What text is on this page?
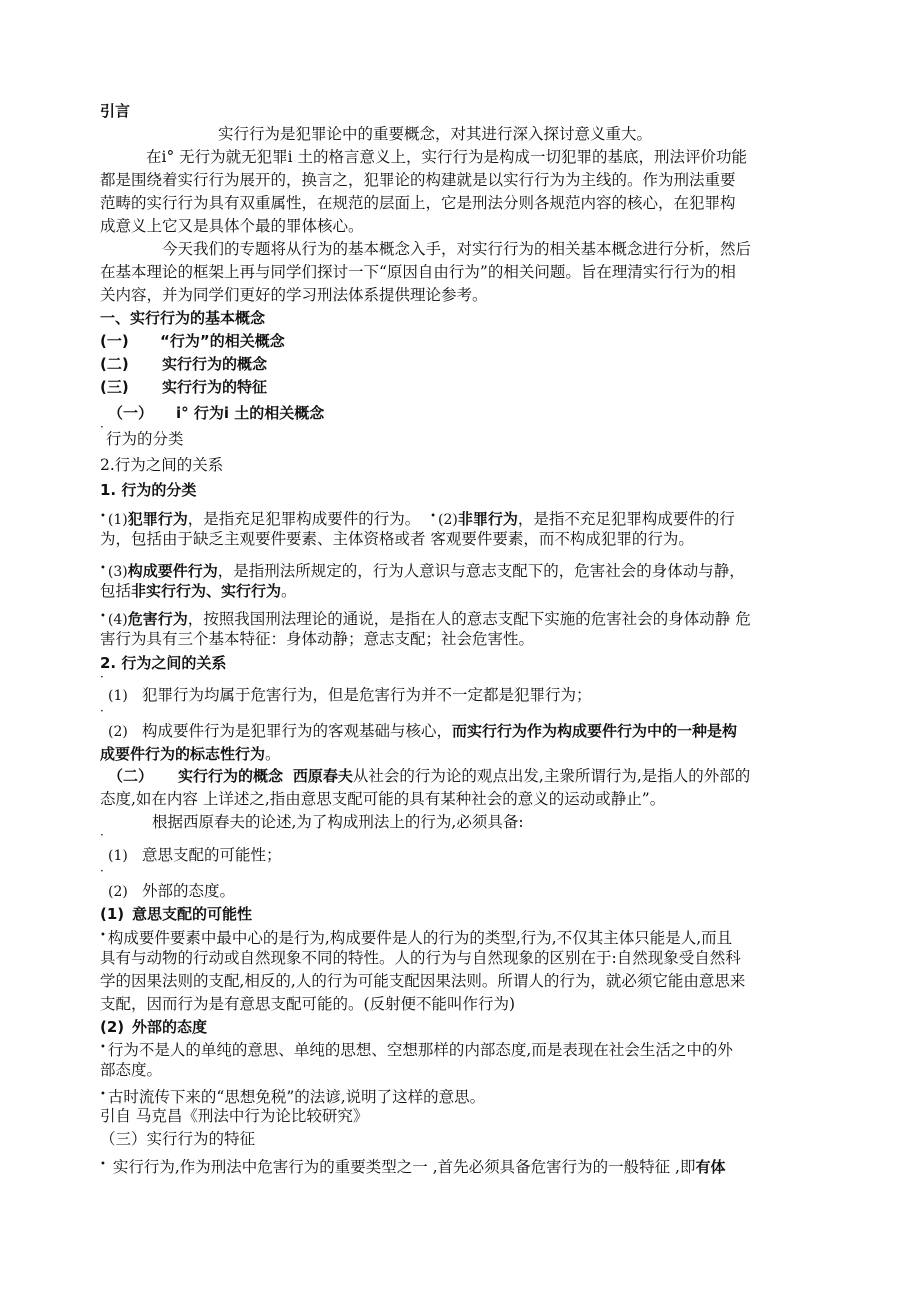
引言
实行行为是犯罪论中的重要概念，对其进行深入探讨意义重大。
在i° 无行为就无犯罪i 土的格言意义上，实行行为是构成一切犯罪的基底，刑法评价功能
都是围绕着实行行为展开的，换言之，犯罪论的构建就是以实行行为为主线的。作为刑法重要
范畴的实行行为具有双重属性，在规范的层面上，它是刑法分则各规范内容的核心，在犯罪构
成意义上它又是具体个最的罪体核心。
今天我们的专题将从行为的基本概念入手，对实行行为的相关基本概念进行分析，然后
在基本理论的框架上再与同学们探讨一下“原因自由行为”的相关问题。旨在理清实行行为的相
关内容，并为同学们更好的学习刑法体系提供理论参考。
一、实行行为的基本概念
(一) “行为”的相关概念
(二) 实行行为的概念
(三) 实行行为的特征
（一） i° 行为i 土的相关概念
·
行为的分类
2.行为之间的关系
1. 行为的分类
• (1)犯罪行为，是指充足犯罪构成要件的行为。 • (2)非罪行为，是指不充足犯罪构成要件的行
为，包括由于缺乏主观要件要素、主体资格或者 客观要件要素，而不构成犯罪的行为。
• (3)构成要件行为，是指刑法所规定的，行为人意识与意志支配下的，危害社会的身体动与静，
包括非实行行为、实行行为。
• (4)危害行为，按照我国刑法理论的通说，是指在人的意志支配下实施的危害社会的身体动静 危
害行为具有三个基本特征：身体动静；意志支配；社会危害性。
2. 行为之间的关系
·
(1) 犯罪行为均属于危害行为，但是危害行为并不一定都是犯罪行为；
·
(2) 构成要件行为是犯罪行为的客观基础与核心，而实行行为作为构成要件行为中的一种是构
成要件行为的标志性行为。
（二） 实行行为的概念 西原春夫从社会的行为论的观点出发,主衆所谓行为,是指人的外部的
态度,如在内容 上详述之,指由意思支配可能的具有某种社会的意义的运动或静止”。
根据西原春夫的论述,为了构成刑法上的行为,必须具备:
·
(1) 意思支配的可能性；
·
(2) 外部的态度。
(1) 意思支配的可能性
• 构成要件要素中最中心的是行为,构成要件是人的行为的类型,行为,不仅其主体只能是人,而且
具有与动物的行动或自然现象不同的特性。人的行为与自然现象的区别在于:自然现象受自然科
学的因果法则的支配,相反的,人的行为可能支配因果法则。所谓人的行为，就必须它能由意思来
支配，因而行为是有意思支配可能的。(反射便不能叫作行为)
(2) 外部的态度
• 行为不是人的单纯的意思、单纯的思想、空想那样的内部态度,而是表现在社会生活之中的外
部态度。
• 古时流传下来的“思想免税”的法谚,说明了这样的意思。
引自 马克昌《刑法中行为论比较研究》
（三）实行行为的特征
• 实行行为,作为刑法中危害行为的重要类型之一 ,首先必须具备危害行为的一般特征 ,即有体
